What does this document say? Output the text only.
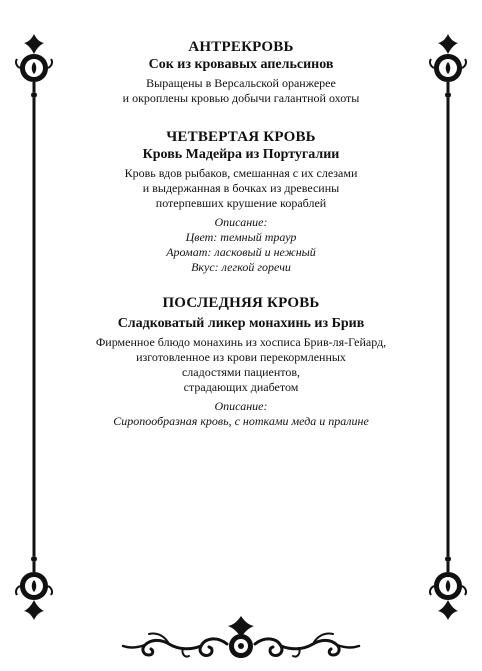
АНТРЕКРОВЬ
Сок из кровавых апельсинов
Выращены в Версальской оранжерее
и окроплены кровью добычи галантной охоты
ЧЕТВЕРТАЯ КРОВЬ
Кровь Мадейра из Португалии
Кровь вдов рыбаков, смешанная с их слезами
и выдержанная в бочках из древесины
потерпевших крушение кораблей
Описание:
Цвет: темный траур
Аромат: ласковый и нежный
Вкус: легкой горечи
ПОСЛЕДНЯЯ КРОВЬ
Сладковатый ликер монахинь из Брив
Фирменное блюдо монахинь из хосписа Брив-ля-Гейард,
изготовленное из крови перекормленных
сладостями пациентов,
страдающих диабетом
Описание:
Сиропообразная кровь, с нотками меда и пралине
